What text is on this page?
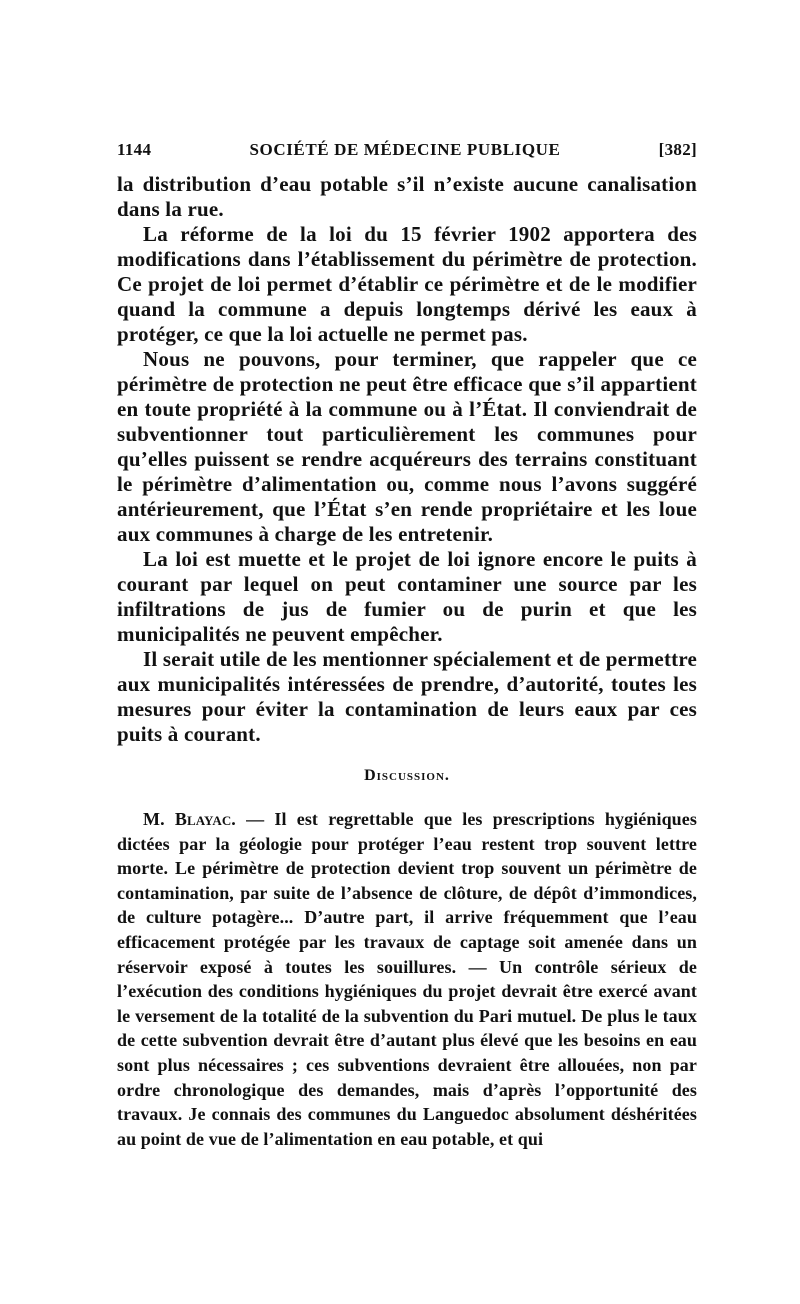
1144	SOCIÉTÉ DE MÉDECINE PUBLIQUE	[382]

la distribution d’eau potable s’il n’existe aucune canalisation dans la rue.

La réforme de la loi du 15 février 1902 apportera des modifications dans l’établissement du périmètre de protection. Ce projet de loi permet d’établir ce périmètre et de le modifier quand la commune a depuis longtemps dérivé les eaux à protéger, ce que la loi actuelle ne permet pas.

Nous ne pouvons, pour terminer, que rappeler que ce périmètre de protection ne peut être efficace que s’il appartient en toute propriété à la commune ou à l’État. Il conviendrait de subventionner tout particulièrement les communes pour qu’elles puissent se rendre acquéreurs des terrains constituant le périmètre d’alimentation ou, comme nous l’avons suggéré antérieurement, que l’État s’en rende propriétaire et les loue aux communes à charge de les entretenir.

La loi est muette et le projet de loi ignore encore le puits à courant par lequel on peut contaminer une source par les infiltrations de jus de fumier ou de purin et que les municipalités ne peuvent empêcher.

Il serait utile de les mentionner spécialement et de permettre aux municipalités intéressées de prendre, d’autorité, toutes les mesures pour éviter la contamination de leurs eaux par ces puits à courant.

Discussion.

M. Blayac. — Il est regrettable que les prescriptions hygiéniques dictées par la géologie pour protéger l’eau restent trop souvent lettre morte. Le périmètre de protection devient trop souvent un périmètre de contamination, par suite de l’absence de clôture, de dépôt d’immondices, de culture potagère... D’autre part, il arrive fréquemment que l’eau efficacement protégée par les travaux de captage soit amenée dans un réservoir exposé à toutes les souillures. — Un contrôle sérieux de l’exécution des conditions hygiéniques du projet devrait être exercé avant le versement de la totalité de la subvention du Pari mutuel. De plus le taux de cette subvention devrait être d’autant plus élevé que les besoins en eau sont plus nécessaires ; ces subventions devraient être allouées, non par ordre chronologique des demandes, mais d’après l’opportunité des travaux. Je connais des communes du Languedoc absolument déshéritées au point de vue de l’alimentation en eau potable, et qui
